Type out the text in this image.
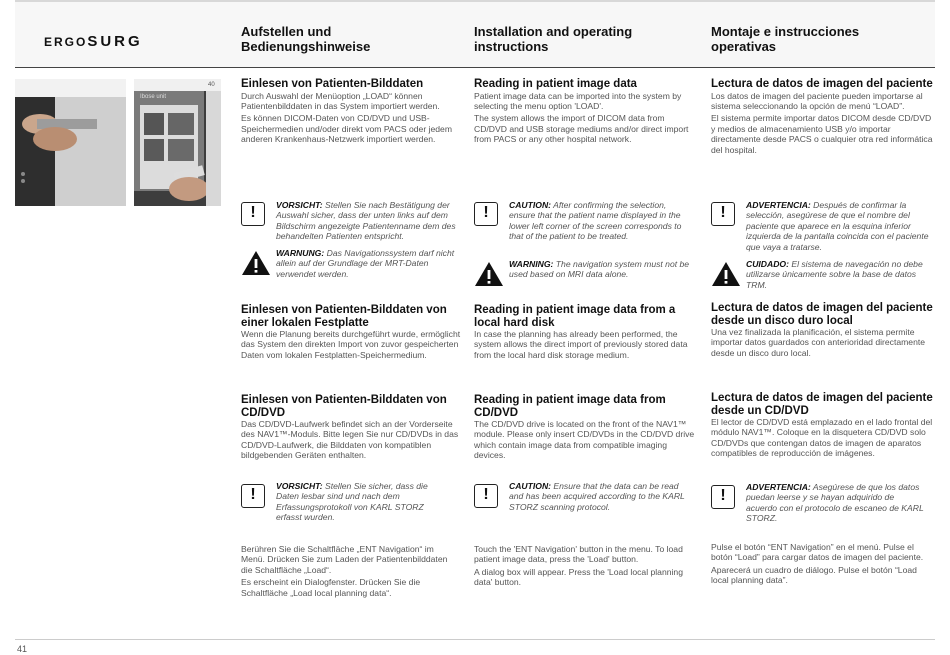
ERGOSURG
Aufstellen und Bedienungshinweise
Installation and operating instructions
Montaje e instrucciones operativas
Ibose unit
40 Einlesen von Patienten-Bilddaten

Durch Auswahl der Menüoption „LOAD“ können Patientenbilddaten in das System importiert werden.

Es können DICOM-Daten von CD/DVD und USB-Speichermedien und/oder direkt vom PACS oder jedem anderen Krankenhaus-Netzwerk importiert werden.

!	VORSICHT: Stellen Sie nach Bestätigung der Auswahl sicher, dass der unten links auf dem Bildschirm angezeigte Patientenname dem des behandelten Patienten entspricht.
WARNUNG: Das Navigationssystem darf nicht allein auf der Grundlage der MRT-Daten verwendet werden.
Einlesen von Patienten-Bilddaten von einer lokalen Festplatte

Wenn die Planung bereits durchgeführt wurde, ermöglicht das System den direkten Import von zuvor gespeicherten Daten vom lokalen Festplatten-Speichermedium.

Einlesen von Patienten-Bilddaten von CD/DVD

Das CD/DVD-Laufwerk befindet sich an der Vorderseite des NAV1™-Moduls. Bitte legen Sie nur CD/DVDs in das CD/DVD-Laufwerk, die Bilddaten von kompatiblen bildgebenden Geräten enthalten.

!	VORSICHT: Stellen Sie sicher, dass die Daten lesbar sind und nach dem Erfassungsprotokoll von KARL STORZ erfasst wurden.

Berühren Sie die Schaltfläche „ENT Navigation“ im Menü. Drücken Sie zum Laden der Patientenbilddaten die Schaltfläche „Load“.

Es erscheint ein Dialogfenster. Drücken Sie die Schaltfläche „Load local planning data“.

Reading in patient image data

Patient image data can be imported into the system by selecting the menu option 'LOAD'.

The system allows the import of DICOM data from CD/DVD and USB storage mediums and/or direct import from PACS or any other hospital network.

!	CAUTION: After confirming the selection, ensure that the patient name displayed in the lower left corner of the screen corresponds to that of the patient to be treated.
WARNING: The navigation system must not be used based on MRI data alone.
Reading in patient image data from a local hard disk

In case the planning has already been performed, the system allows the direct import of previously stored data from the local hard disk storage medium.

Reading in patient image data from CD/DVD

The CD/DVD drive is located on the front of the NAV1™ module. Please only insert CD/DVDs in the CD/DVD drive which contain image data from compatible imaging devices.

!	CAUTION: Ensure that the data can be read and has been acquired according to the KARL STORZ scanning protocol.

Touch the 'ENT Navigation' button in the menu. To load patient image data, press the 'Load' button.

A dialog box will appear. Press the 'Load local planning data' button.

Lectura de datos de imagen del paciente

Los datos de imagen del paciente pueden importarse al sistema seleccionando la opción de menú “LOAD”.

El sistema permite importar datos DICOM desde CD/DVD y medios de almacenamiento USB y/o importar directamente desde PACS o cualquier otra red informática del hospital.

!	ADVERTENCIA: Después de confirmar la selección, asegúrese de que el nombre del paciente que aparece en la esquina inferior izquierda de la pantalla coincida con el paciente que vaya a tratarse.
CUIDADO: El sistema de navegación no debe utilizarse únicamente sobre la base de datos TRM.
Lectura de datos de imagen del paciente desde un disco duro local

Una vez finalizada la planificación, el sistema permite importar datos guardados con anterioridad directamente desde un disco duro local.

Lectura de datos de imagen del paciente desde un CD/DVD

El lector de CD/DVD está emplazado en el lado frontal del módulo NAV1™. Coloque en la disquetera CD/DVD solo CD/DVDs que contengan datos de imagen de aparatos compatibles de reproducción de imágenes.

!	ADVERTENCIA: Asegúrese de que los datos puedan leerse y se hayan adquirido de acuerdo con el protocolo de escaneo de KARL STORZ.

Pulse el botón “ENT Navigation” en el menú. Pulse el botón “Load” para cargar datos de imagen del paciente.

Aparecerá un cuadro de diálogo. Pulse el botón “Load local planning data”.

41
